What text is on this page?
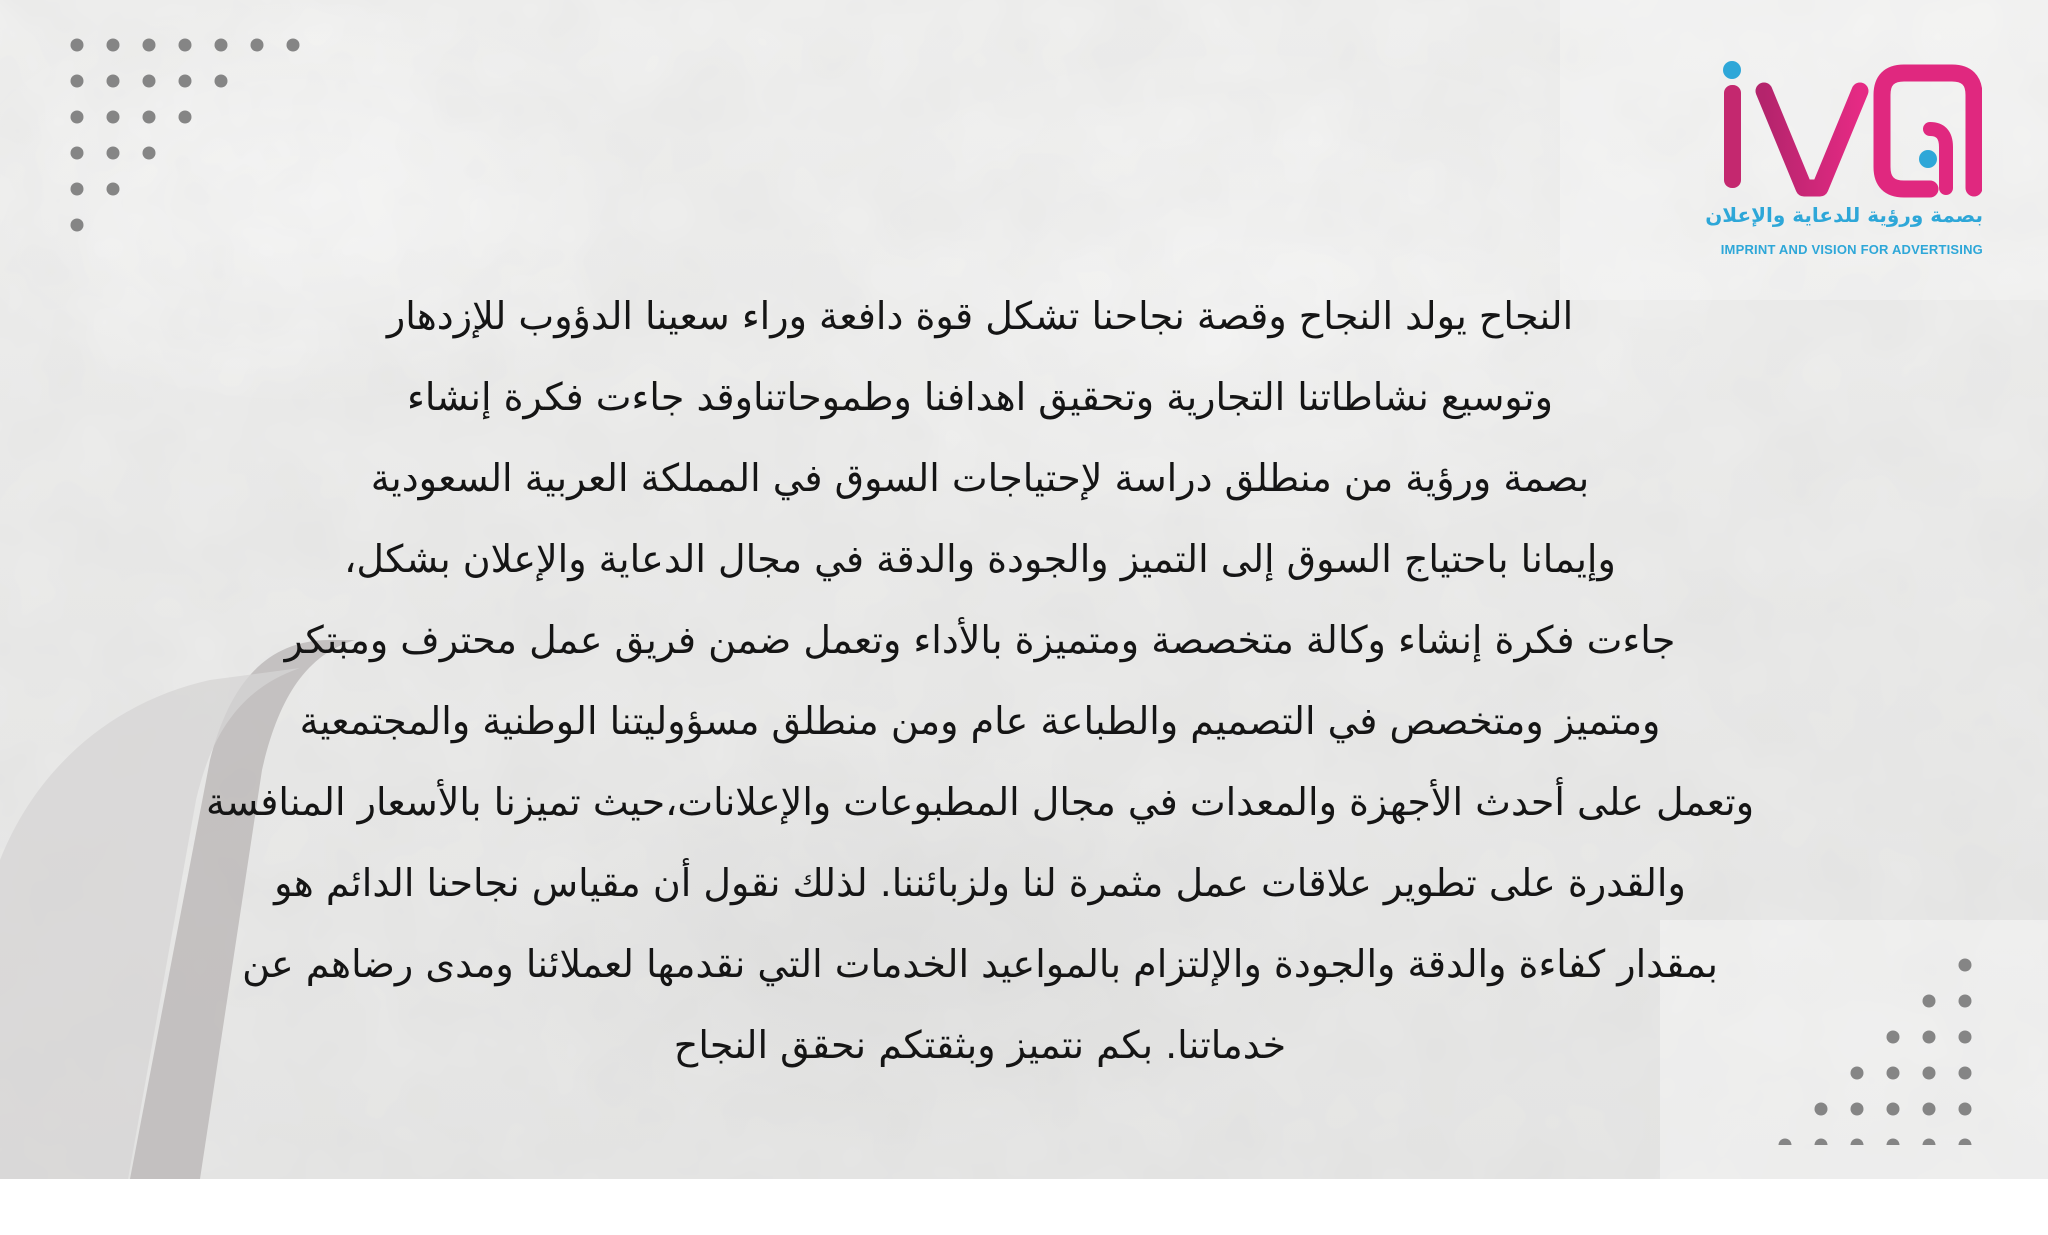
بصمة ورؤية للدعاية والإعلان
IMPRINT AND VISION FOR ADVERTISING
النجاح يولد النجاح وقصة نجاحنا تشكل قوة دافعة وراء سعينا الدؤوب للإزدهار
وتوسيع نشاطاتنا التجارية وتحقيق اهدافنا وطموحاتناوقد جاءت فكرة إنشاء
بصمة ورؤية من منطلق دراسة لإحتياجات السوق في المملكة العربية السعودية
وإيمانا باحتياج السوق إلى التميز والجودة والدقة في مجال الدعاية والإعلان بشكل،
جاءت فكرة إنشاء وكالة متخصصة ومتميزة بالأداء وتعمل ضمن فريق عمل محترف ومبتكر
ومتميز ومتخصص في التصميم والطباعة عام ومن منطلق مسؤوليتنا الوطنية والمجتمعية
وتعمل على أحدث الأجهزة والمعدات في مجال المطبوعات والإعلانات،حيث تميزنا بالأسعار المنافسة
والقدرة على تطوير علاقات عمل مثمرة لنا ولزبائننا. لذلك نقول أن مقياس نجاحنا الدائم هو
بمقدار كفاءة والدقة والجودة والإلتزام بالمواعيد الخدمات التي نقدمها لعملائنا ومدى رضاهم عن
خدماتنا. بكم نتميز وبثقتكم نحقق النجاح
